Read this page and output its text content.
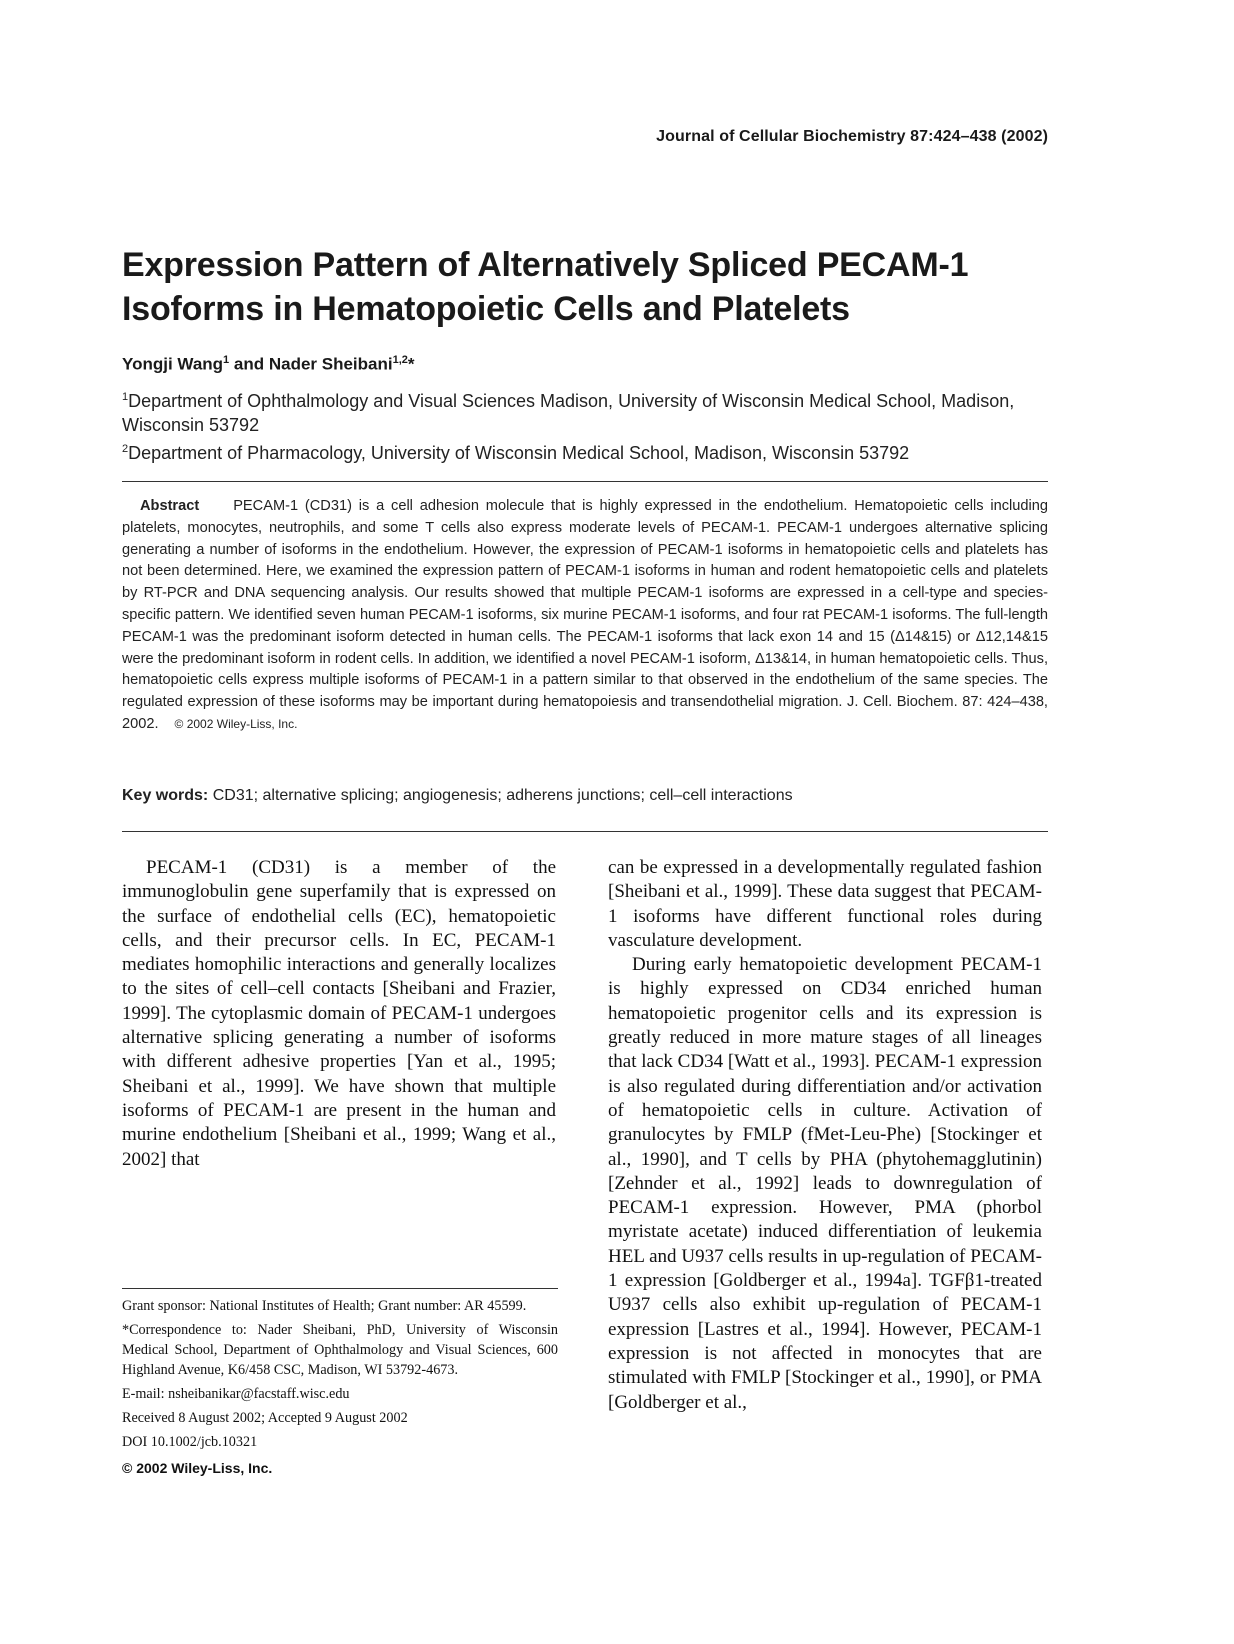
Journal of Cellular Biochemistry 87:424–438 (2002)
Expression Pattern of Alternatively Spliced PECAM-1
Isoforms in Hematopoietic Cells and Platelets
Yongji Wang$^1$ and Nader Sheibani$^{1,2}$*
$^1$Department of Ophthalmology and Visual Sciences Madison, University of Wisconsin Medical School, Madison, Wisconsin 53792
$^2$Department of Pharmacology, University of Wisconsin Medical School, Madison, Wisconsin 53792
Abstract PECAM-1 (CD31) is a cell adhesion molecule that is highly expressed in the endothelium. Hematopoietic cells including platelets, monocytes, neutrophils, and some T cells also express moderate levels of PECAM-1. PECAM-1 undergoes alternative splicing generating a number of isoforms in the endothelium. However, the expression of PECAM-1 isoforms in hematopoietic cells and platelets has not been determined. Here, we examined the expression pattern of PECAM-1 isoforms in human and rodent hematopoietic cells and platelets by RT-PCR and DNA sequencing analysis. Our results showed that multiple PECAM-1 isoforms are expressed in a cell-type and species-specific pattern. We identified seven human PECAM-1 isoforms, six murine PECAM-1 isoforms, and four rat PECAM-1 isoforms. The full-length PECAM-1 was the predominant isoform detected in human cells. The PECAM-1 isoforms that lack exon 14 and 15 (Δ14&15) or Δ12,14&15 were the predominant isoform in rodent cells. In addition, we identified a novel PECAM-1 isoform, Δ13&14, in human hematopoietic cells. Thus, hematopoietic cells express multiple isoforms of PECAM-1 in a pattern similar to that observed in the endothelium of the same species. The regulated expression of these isoforms may be important during hematopoiesis and transendothelial migration. J. Cell. Biochem. 87: 424–438, 2002. © 2002 Wiley-Liss, Inc.
Key words: CD31; alternative splicing; angiogenesis; adherens junctions; cell–cell interactions

PECAM-1 (CD31) is a member of the immunoglobulin gene superfamily that is expressed on the surface of endothelial cells (EC), hematopoietic cells, and their precursor cells. In EC, PECAM-1 mediates homophilic interactions and generally localizes to the sites of cell–cell contacts [Sheibani and Frazier, 1999]. The cytoplasmic domain of PECAM-1 undergoes alternative splicing generating a number of isoforms with different adhesive properties [Yan et al., 1995; Sheibani et al., 1999]. We have shown that multiple isoforms of PECAM-1 are present in the human and murine endothelium [Sheibani et al., 1999; Wang et al., 2002] that

can be expressed in a developmentally regulated fashion [Sheibani et al., 1999]. These data suggest that PECAM-1 isoforms have different functional roles during vasculature development.

During early hematopoietic development PECAM-1 is highly expressed on CD34 enriched human hematopoietic progenitor cells and its expression is greatly reduced in more mature stages of all lineages that lack CD34 [Watt et al., 1993]. PECAM-1 expression is also regulated during differentiation and/or activation of hematopoietic cells in culture. Activation of granulocytes by FMLP (fMet-Leu-Phe) [Stockinger et al., 1990], and T cells by PHA (phytohemagglutinin) [Zehnder et al., 1992] leads to downregulation of PECAM-1 expression. However, PMA (phorbol myristate acetate) induced differentiation of leukemia HEL and U937 cells results in up-regulation of PECAM-1 expression [Goldberger et al., 1994a]. TGFβ1-treated U937 cells also exhibit up-regulation of PECAM-1 expression [Lastres et al., 1994]. However, PECAM-1 expression is not affected in monocytes that are stimulated with FMLP [Stockinger et al., 1990], or PMA [Goldberger et al.,

Grant sponsor: National Institutes of Health; Grant number: AR 45599.

*Correspondence to: Nader Sheibani, PhD, University of Wisconsin Medical School, Department of Ophthalmology and Visual Sciences, 600 Highland Avenue, K6/458 CSC, Madison, WI 53792-4673.

E-mail: nsheibanikar@facstaff.wisc.edu

Received 8 August 2002; Accepted 9 August 2002

DOI 10.1002/jcb.10321

© 2002 Wiley-Liss, Inc.
